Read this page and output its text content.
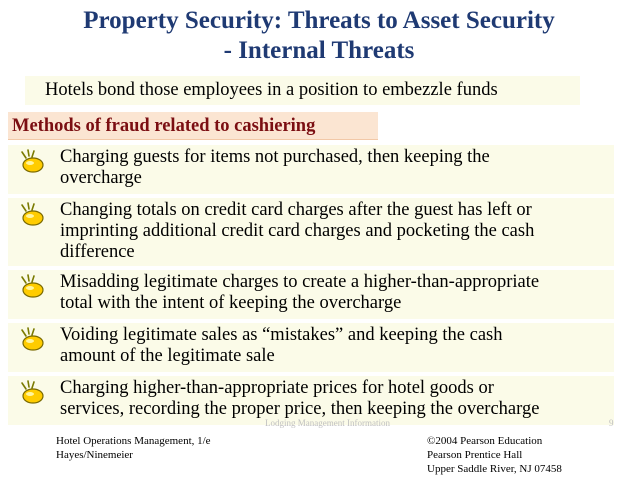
Property Security: Threats to Asset Security
- Internal Threats
Hotels bond those employees in a position to embezzle funds
Methods of fraud related to cashiering
Charging guests for items not purchased, then keeping the
overcharge
Changing totals on credit card charges after the guest has left or
imprinting additional credit card charges and pocketing the cash
difference
Misadding legitimate charges to create a higher-than-appropriate
total with the intent of keeping the overcharge
Voiding legitimate sales as “mistakes” and keeping the cash
amount of the legitimate sale
Charging higher-than-appropriate prices for hotel goods or
services, recording the proper price, then keeping the overcharge
Lodging Management Information	9
Hotel Operations Management, 1/e
Hayes/Ninemeier
©2004 Pearson Education
Pearson Prentice Hall
Upper Saddle River, NJ 07458
